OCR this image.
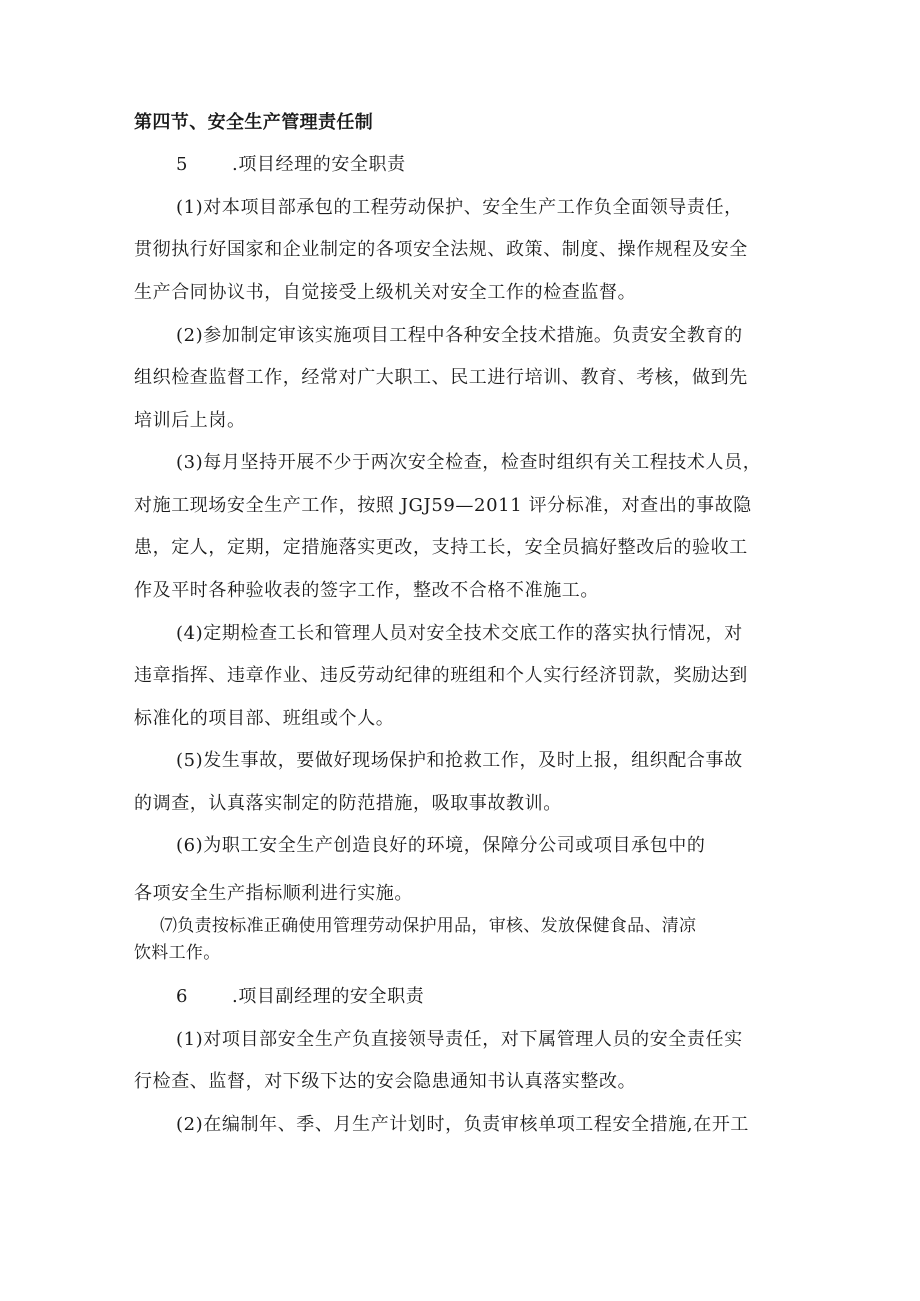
第四节、安全生产管理责任制
5 .项目经理的安全职责
(1)对本项目部承包的工程劳动保护、安全生产工作负全面领导责任，
贯彻执行好国家和企业制定的各项安全法规、政策、制度、操作规程及安全
生产合同协议书，自觉接受上级机关对安全工作的检查监督。
(2)参加制定审该实施项目工程中各种安全技术措施。负责安全教育的
组织检查监督工作，经常对广大职工、民工进行培训、教育、考核，做到先
培训后上岗。
(3)每月坚持开展不少于两次安全检查，检查时组织有关工程技术人员，
对施工现场安全生产工作，按照 JGJ59—2011 评分标准，对查出的事故隐
患，定人，定期，定措施落实更改，支持工长，安全员搞好整改后的验收工
作及平时各种验收表的签字工作，整改不合格不准施工。
(4)定期检查工长和管理人员对安全技术交底工作的落实执行情况，对
违章指挥、违章作业、违反劳动纪律的班组和个人实行经济罚款，奖励达到
标准化的项目部、班组或个人。
(5)发生事故，要做好现场保护和抢救工作，及时上报，组织配合事故
的调查，认真落实制定的防范措施，吸取事故教训。
(6)为职工安全生产创造良好的环境，保障分公司或项目承包中的
各项安全生产指标顺利进行实施。
⑺负责按标准正确使用管理劳动保护用品，审核、发放保健食品、清凉
饮料工作。
6 .项目副经理的安全职责
(1)对项目部安全生产负直接领导责任，对下属管理人员的安全责任实
行检查、监督，对下级下达的安会隐患通知书认真落实整改。
(2)在编制年、季、月生产计划时，负责审核单项工程安全措施,在开工
